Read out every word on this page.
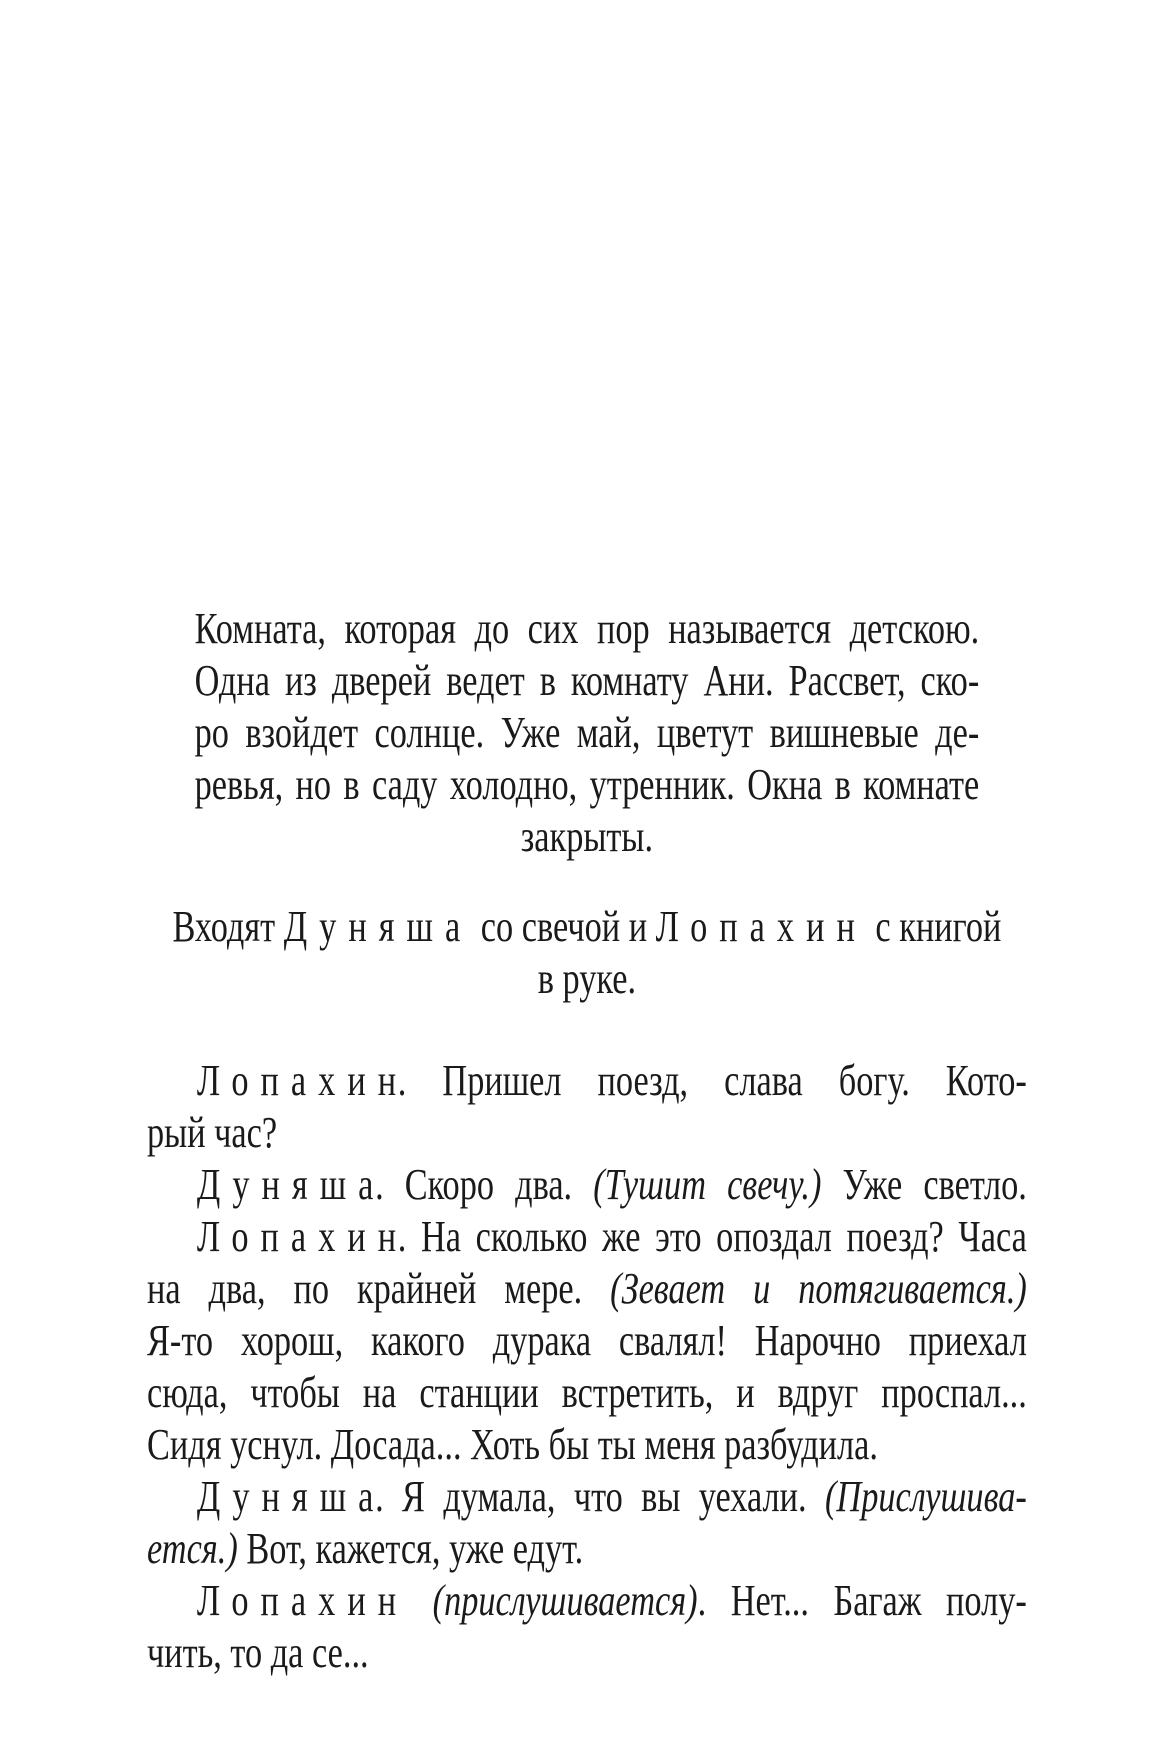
Комната, которая до сих пор называется детскою.
Одна из дверей ведет в комнату Ани. Рассвет, ско-
ро взойдет солнце. Уже май, цветут вишневые де-
ревья, но в саду холодно, утренник. Окна в комнате
закрыты.
Входят Дуняша со свечой и Лопахин с книгой
в руке.
Лопахин. Пришел поезд, слава богу. Кото-
рый час?
Дуняша. Скоро два. (Тушит свечу.) Уже светло.
Лопахин. На сколько же это опоздал поезд? Часа
на два, по крайней мере. (Зевает и потягивается.)
Я-то хорош, какого дурака свалял! Нарочно приехал
сюда, чтобы на станции встретить, и вдруг проспал...
Сидя уснул. Досада... Хоть бы ты меня разбудила.
Дуняша. Я думала, что вы уехали. (Прислушива-
ется.) Вот, кажется, уже едут.
Лопахин (прислушивается). Нет... Багаж полу-
чить, то да се...
